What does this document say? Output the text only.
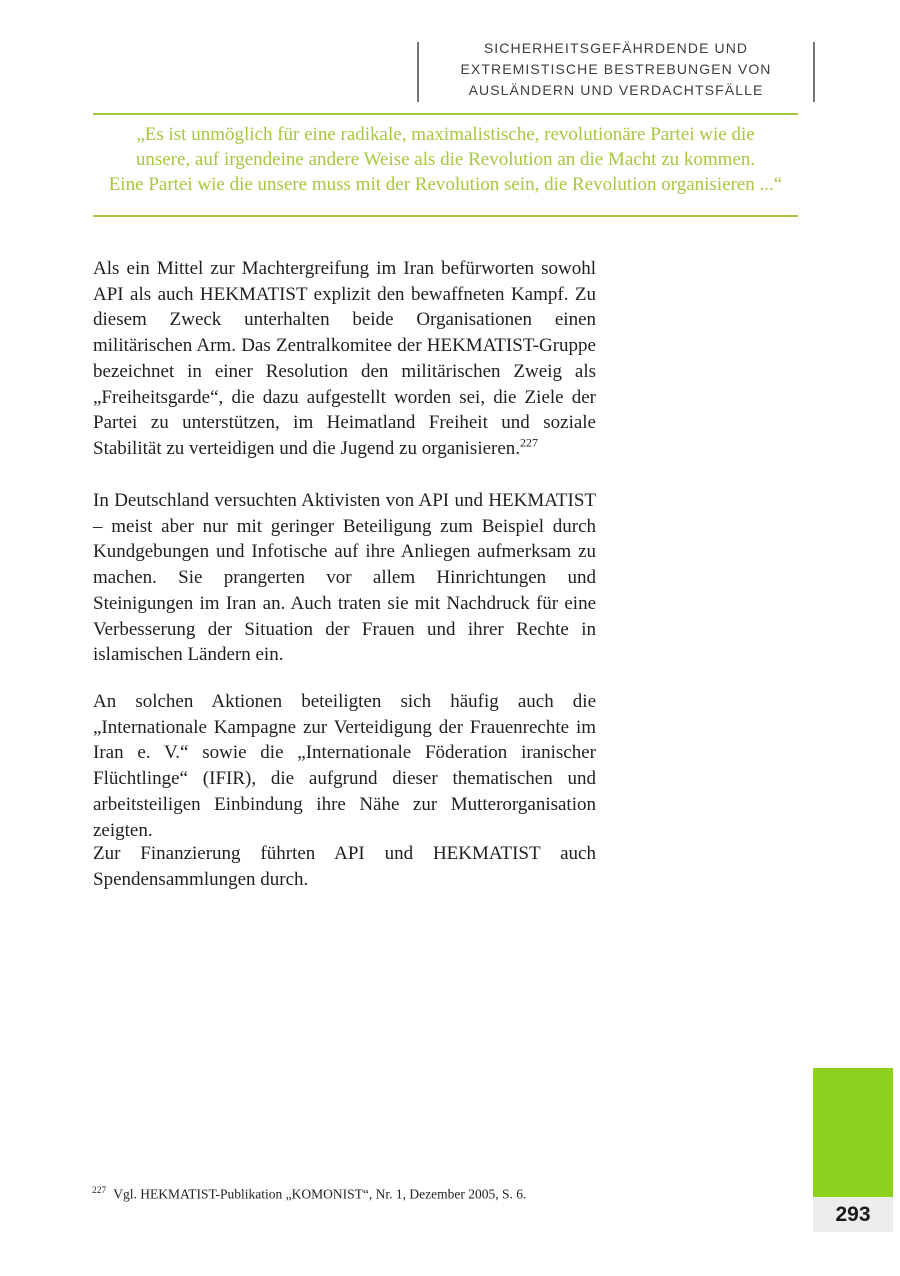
SICHERHEITSGEFÄHRDENDE UND
EXTREMISTISCHE BESTREBUNGEN VON
AUSLÄNDERN UND VERDACHTSFÄLLE
„Es ist unmöglich für eine radikale, maximalistische, revolutionäre Partei wie die
unsere, auf irgendeine andere Weise als die Revolution an die Macht zu kommen.
Eine Partei wie die unsere muss mit der Revolution sein, die Revolution organisieren ...“

Als ein Mittel zur Machtergreifung im Iran befürworten sowohl API als auch HEKMATIST explizit den bewaffneten Kampf. Zu diesem Zweck unterhalten beide Organisationen einen militärischen Arm. Das Zentralkomitee der HEKMATIST-Gruppe bezeichnet in einer Resolution den militärischen Zweig als „Freiheitsgarde“, die dazu aufgestellt worden sei, die Ziele der Partei zu unterstützen, im Heimatland Freiheit und soziale Stabilität zu verteidigen und die Jugend zu organisieren.$^{227}$

In Deutschland versuchten Aktivisten von API und HEKMATIST – meist aber nur mit geringer Beteiligung zum Beispiel durch Kundgebungen und Infotische auf ihre Anliegen aufmerksam zu machen. Sie prangerten vor allem Hinrichtungen und Steinigungen im Iran an. Auch traten sie mit Nachdruck für eine Verbesserung der Situation der Frauen und ihrer Rechte in islamischen Ländern ein.

An solchen Aktionen beteiligten sich häufig auch die „Internationale Kampagne zur Verteidigung der Frauenrechte im Iran e. V.“ sowie die „Internationale Föderation iranischer Flüchtlinge“ (IFIR), die aufgrund dieser thematischen und arbeitsteiligen Einbindung ihre Nähe zur Mutterorganisation zeigten.

Zur Finanzierung führten API und HEKMATIST auch Spendensammlungen durch.

$^{227}$ Vgl. HEKMATIST-Publikation „KOMONIST“, Nr. 1, Dezember 2005, S. 6.
293
